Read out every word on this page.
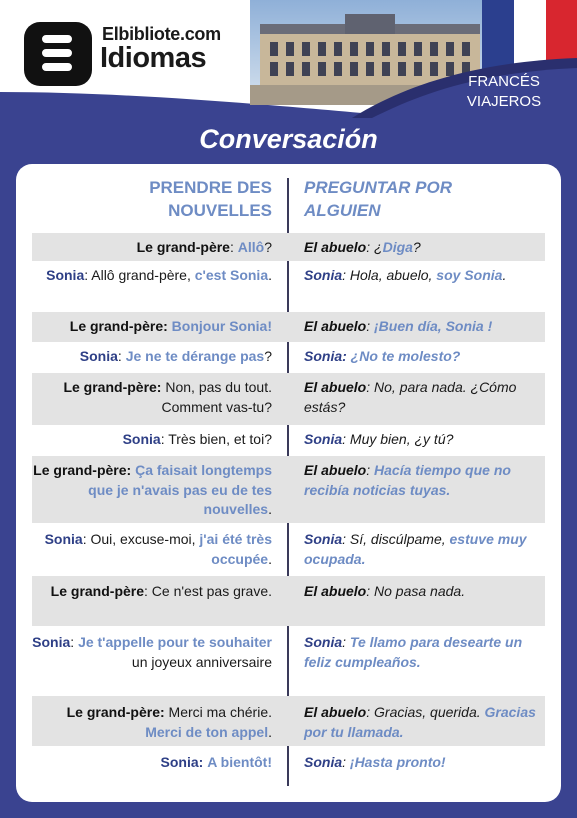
Elbibliote.com
Idiomas
FRANCÉS
VIAJEROS
Conversación
PRENDRE DES
NOUVELLES
PREGUNTAR POR
ALGUIEN
Le grand-père: Allô? El abuelo: ¿Diga?
Sonia: Allô grand-père, c'est Sonia. Sonia: Hola, abuelo, soy Sonia.
Le grand-père: Bonjour Sonia! El abuelo: ¡Buen día, Sonia !
Sonia: Je ne te dérange pas? Sonia: ¿No te molesto?
Le grand-père: Non, pas du tout. Comment vas-tu?
El abuelo: No, para nada. ¿Cómo estás?
Sonia: Très bien, et toi? Sonia: Muy bien, ¿y tú?
Le grand-père: Ça faisait longtemps que je n'avais pas eu de tes nouvelles.
El abuelo: Hacía tiempo que no recibía noticias tuyas.
Sonia: Oui, excuse-moi, j'ai été très occupée.
Sonia: Sí, discúlpame, estuve muy ocupada.
Le grand-père: Ce n'est pas grave. El abuelo: No pasa nada.
Sonia: Je t'appelle pour te souhaiter un joyeux anniversaire
Sonia: Te llamo para desearte un feliz cumpleaños.
Le grand-père: Merci ma chérie. Merci de ton appel.
El abuelo: Gracias, querida. Gracias por tu llamada.
Sonia: A bientôt! Sonia: ¡Hasta pronto!
